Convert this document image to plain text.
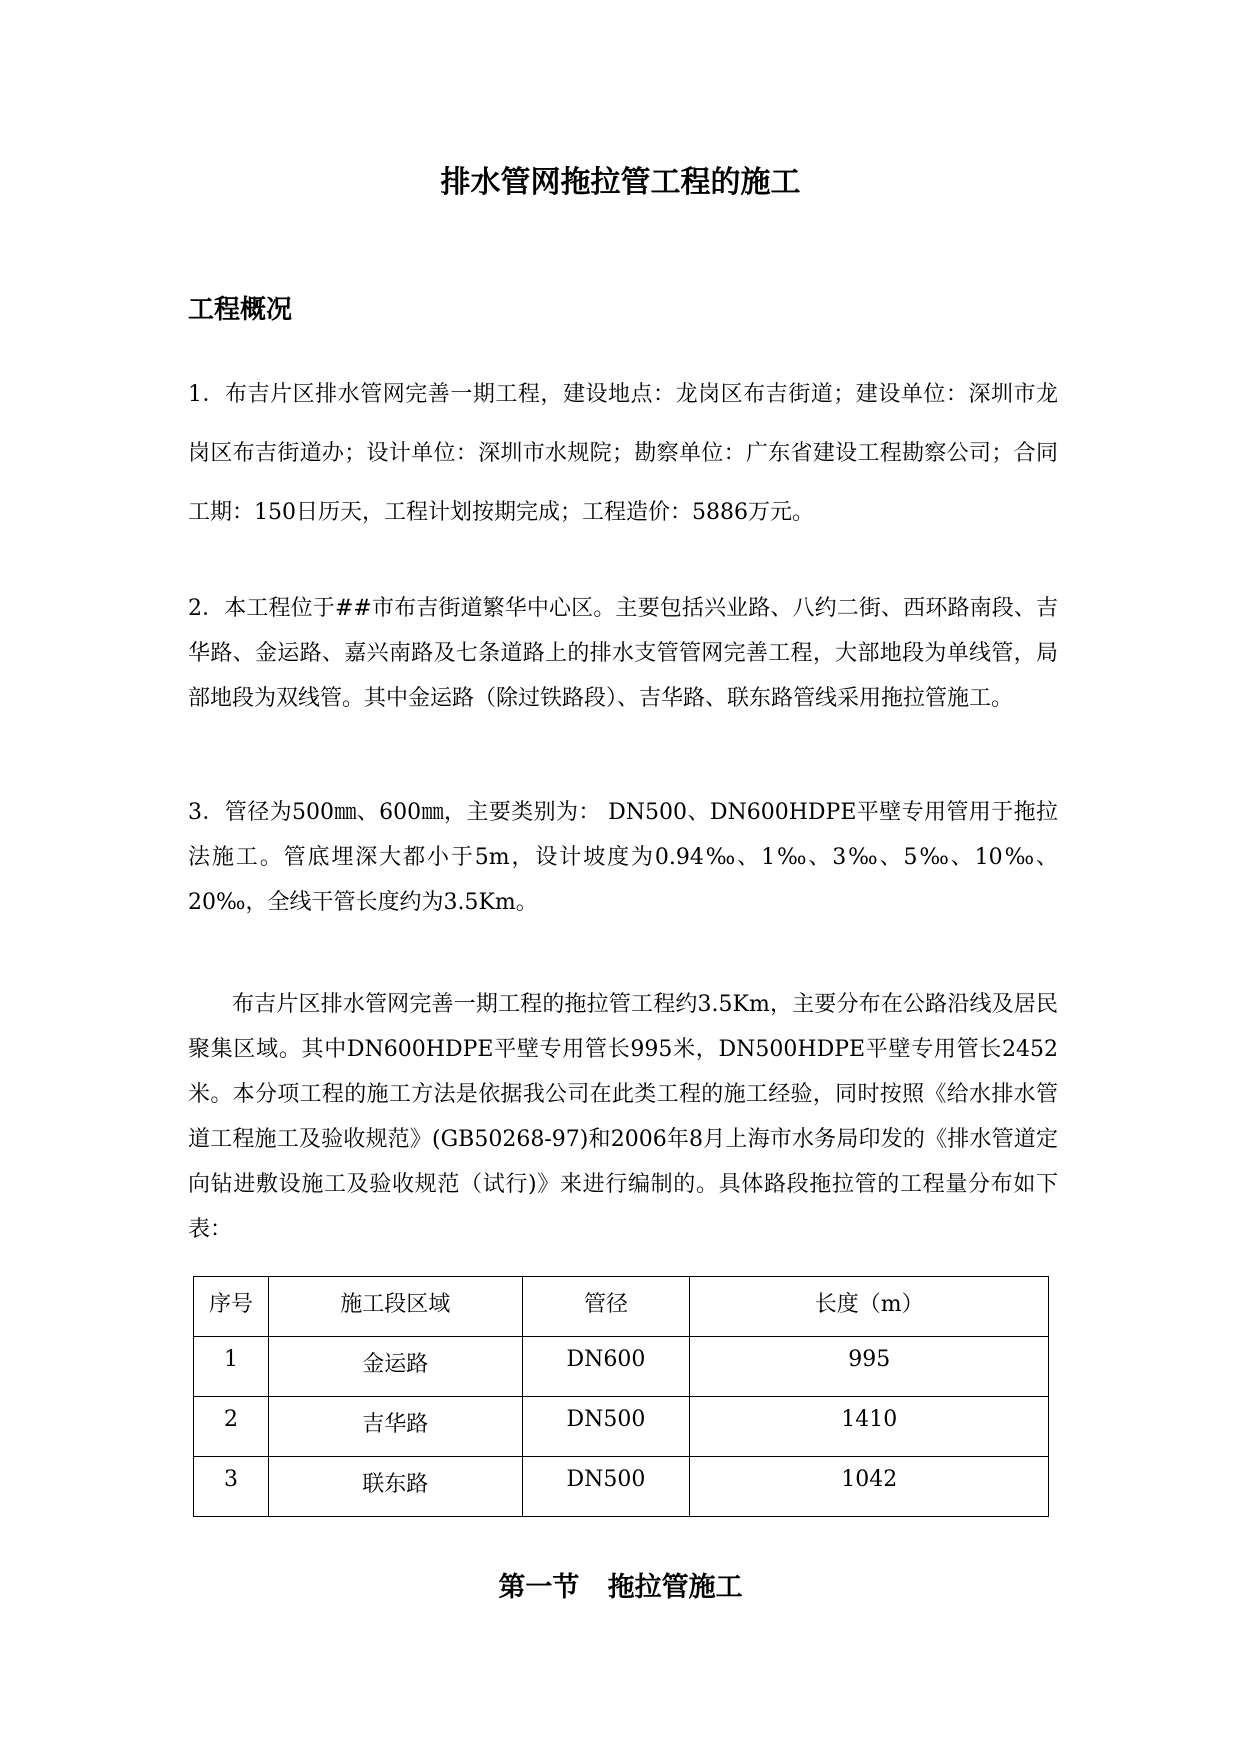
排水管网拖拉管工程的施工
工程概况

1．布吉片区排水管网完善一期工程，建设地点：龙岗区布吉街道；建设单位：深圳市龙岗区布吉街道办；设计单位：深圳市水规院；勘察单位：广东省建设工程勘察公司；合同工期：150日历天，工程计划按期完成；工程造价：5886万元。

2．本工程位于##市布吉街道繁华中心区。主要包括兴业路、八约二街、西环路南段、吉华路、金运路、嘉兴南路及七条道路上的排水支管管网完善工程，大部地段为单线管，局部地段为双线管。其中金运路（除过铁路段）、吉华路、联东路管线采用拖拉管施工。

3．管径为500㎜、600㎜，主要类别为： DN500、DN600HDPE平壁专用管用于拖拉法施工。管底埋深大都小于5m，设计坡度为0.94‰、1‰、3‰、5‰、10‰、20‰，全线干管长度约为3.5Km。

布吉片区排水管网完善一期工程的拖拉管工程约3.5Km，主要分布在公路沿线及居民聚集区域。其中DN600HDPE平壁专用管长995米，DN500HDPE平壁专用管长2452米。本分项工程的施工方法是依据我公司在此类工程的施工经验，同时按照《给水排水管道工程施工及验收规范》(GB50268-97)和2006年8月上海市水务局印发的《排水管道定向钻进敷设施工及验收规范（试行)》来进行编制的。具体路段拖拉管的工程量分布如下表：

序号	施工段区域	管径	长度（m）
1	金运路	DN600	995
2	吉华路	DN500	1410
3	联东路	DN500	1042
第一节   拖拉管施工
